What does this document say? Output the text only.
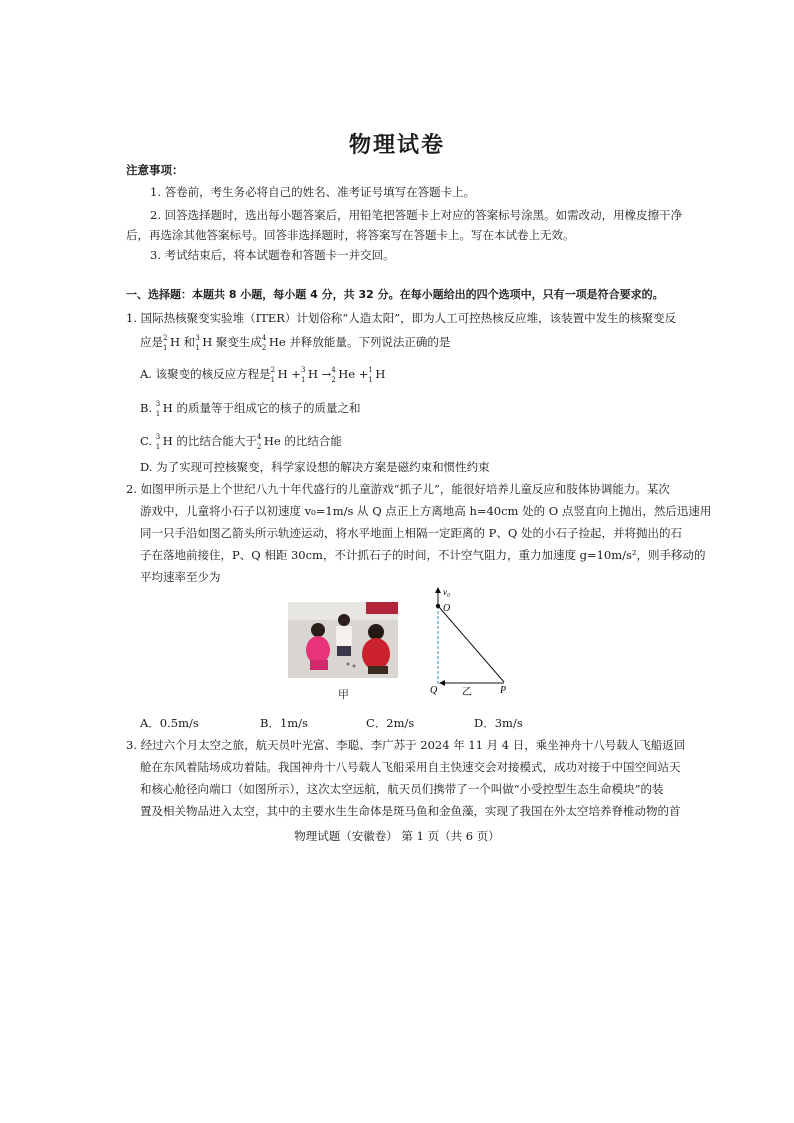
物理试卷
注意事项：
1. 答卷前，考生务必将自己的姓名、准考证号填写在答题卡上。
2. 回答选择题时，选出每小题答案后，用铅笔把答题卡上对应的答案标号涂黑。如需改动，用橡皮擦干净
后，再选涂其他答案标号。回答非选择题时，将答案写在答题卡上。写在本试卷上无效。
3. 考试结束后，将本试题卷和答题卡一并交回。
一、选择题：本题共 8 小题，每小题 4 分，共 32 分。在每小题给出的四个选项中，只有一项是符合要求的。
1. 国际热核聚变实验堆（ITER）计划俗称“人造太阳”，即为人工可控热核反应堆，该装置中发生的核聚变反
应是 2
1 H 和 3
1 H 聚变生成 4
2 He 并释放能量。下列说法正确的是
A. 该聚变的核反应方程是 2
1 H + 3
1 H → 4
2 He + 1
1 H
B. 3
1 H 的质量等于组成它的核子的质量之和
C. 3
1 H 的比结合能大于 4
2 He 的比结合能
D. 为了实现可控核聚变，科学家设想的解决方案是磁约束和惯性约束
2. 如图甲所示是上个世纪八九十年代盛行的儿童游戏“抓子儿”，能很好培养儿童反应和肢体协调能力。某次
游戏中，儿童将小石子以初速度 v₀=1m/s 从 Q 点正上方离地高 h=40cm 处的 O 点竖直向上抛出，然后迅速用
同一只手沿如图乙箭头所示轨迹运动，将水平地面上相隔一定距离的 P、Q 处的小石子捡起，并将抛出的石
子在落地前接住，P、Q 相距 30cm，不计抓石子的时间，不计空气阻力，重力加速度 g=10m/s²，则手移动的
平均速率至少为
甲
v₀
O
Q	P
乙
A．0.5m/s	B．1m/s	C．2m/s	D．3m/s
3. 经过六个月太空之旅，航天员叶光富、李聪、李广苏于 2024 年 11 月 4 日，乘坐神舟十八号载人飞船返回
舱在东风着陆场成功着陆。我国神舟十八号载人飞船采用自主快速交会对接模式，成功对接于中国空间站天
和核心舱径向端口（如图所示），这次太空远航，航天员们携带了一个叫做“小受控型生态生命模块”的装
置及相关物品进入太空，其中的主要水生生命体是斑马鱼和金鱼藻，实现了我国在外太空培养脊椎动物的首
物理试题（安徽卷） 第 1 页（共 6 页）
